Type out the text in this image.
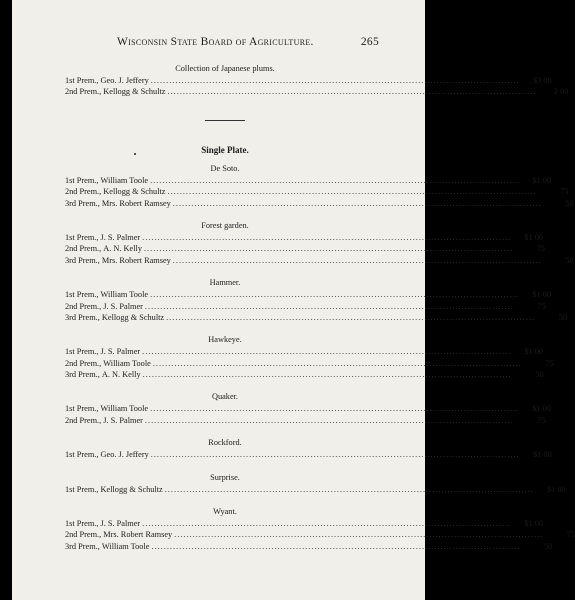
Wisconsin State Board of Agriculture.	265
Collection of Japanese plums.
1st Prem. , Geo. J. Jeffery ........................................................................................................................	$3 00
2nd Prem. , Kellogg & Schultz ........................................................................................................................	2 00
Single Plate.
De Soto.
1st Prem. , William Toole ........................................................................................................................	$1 00
2nd Prem. , Kellogg & Schultz ........................................................................................................................	75
3rd Prem. , Mrs. Robert Ramsey ........................................................................................................................	50
Forest garden.
1st Prem. , J. S. Palmer ........................................................................................................................	$1 00
2nd Prem. , A. N. Kelly ........................................................................................................................	75
3rd Prem. , Mrs. Robert Ramsey ........................................................................................................................	50
Hammer.
1st Prem. , William Toole ........................................................................................................................	$1 00
2nd Prem. , J. S. Palmer ........................................................................................................................	75
3rd Prem. , Kellogg & Schultz ........................................................................................................................	50
Hawkeye.
1st Prem. , J. S. Palmer ........................................................................................................................	$1 00
2nd Prem. , William Toole ........................................................................................................................	75
3rd Prem. , A. N. Kelly ........................................................................................................................	50
Quaker.
1st Prem. , William Toole ........................................................................................................................	$1 00
2nd Prem. , J. S. Palmer ........................................................................................................................	75
Rockford.
1st Prem. , Geo. J. Jeffery ........................................................................................................................	$1 00
Surprise.
1st Prem. , Kellogg & Schultz ........................................................................................................................	$1 00
Wyant.
1st Prem. , J. S. Palmer ........................................................................................................................	$1 00
2nd Prem. , Mrs. Robert Ramsey ........................................................................................................................	75
3rd Prem. , William Toole ........................................................................................................................	50
